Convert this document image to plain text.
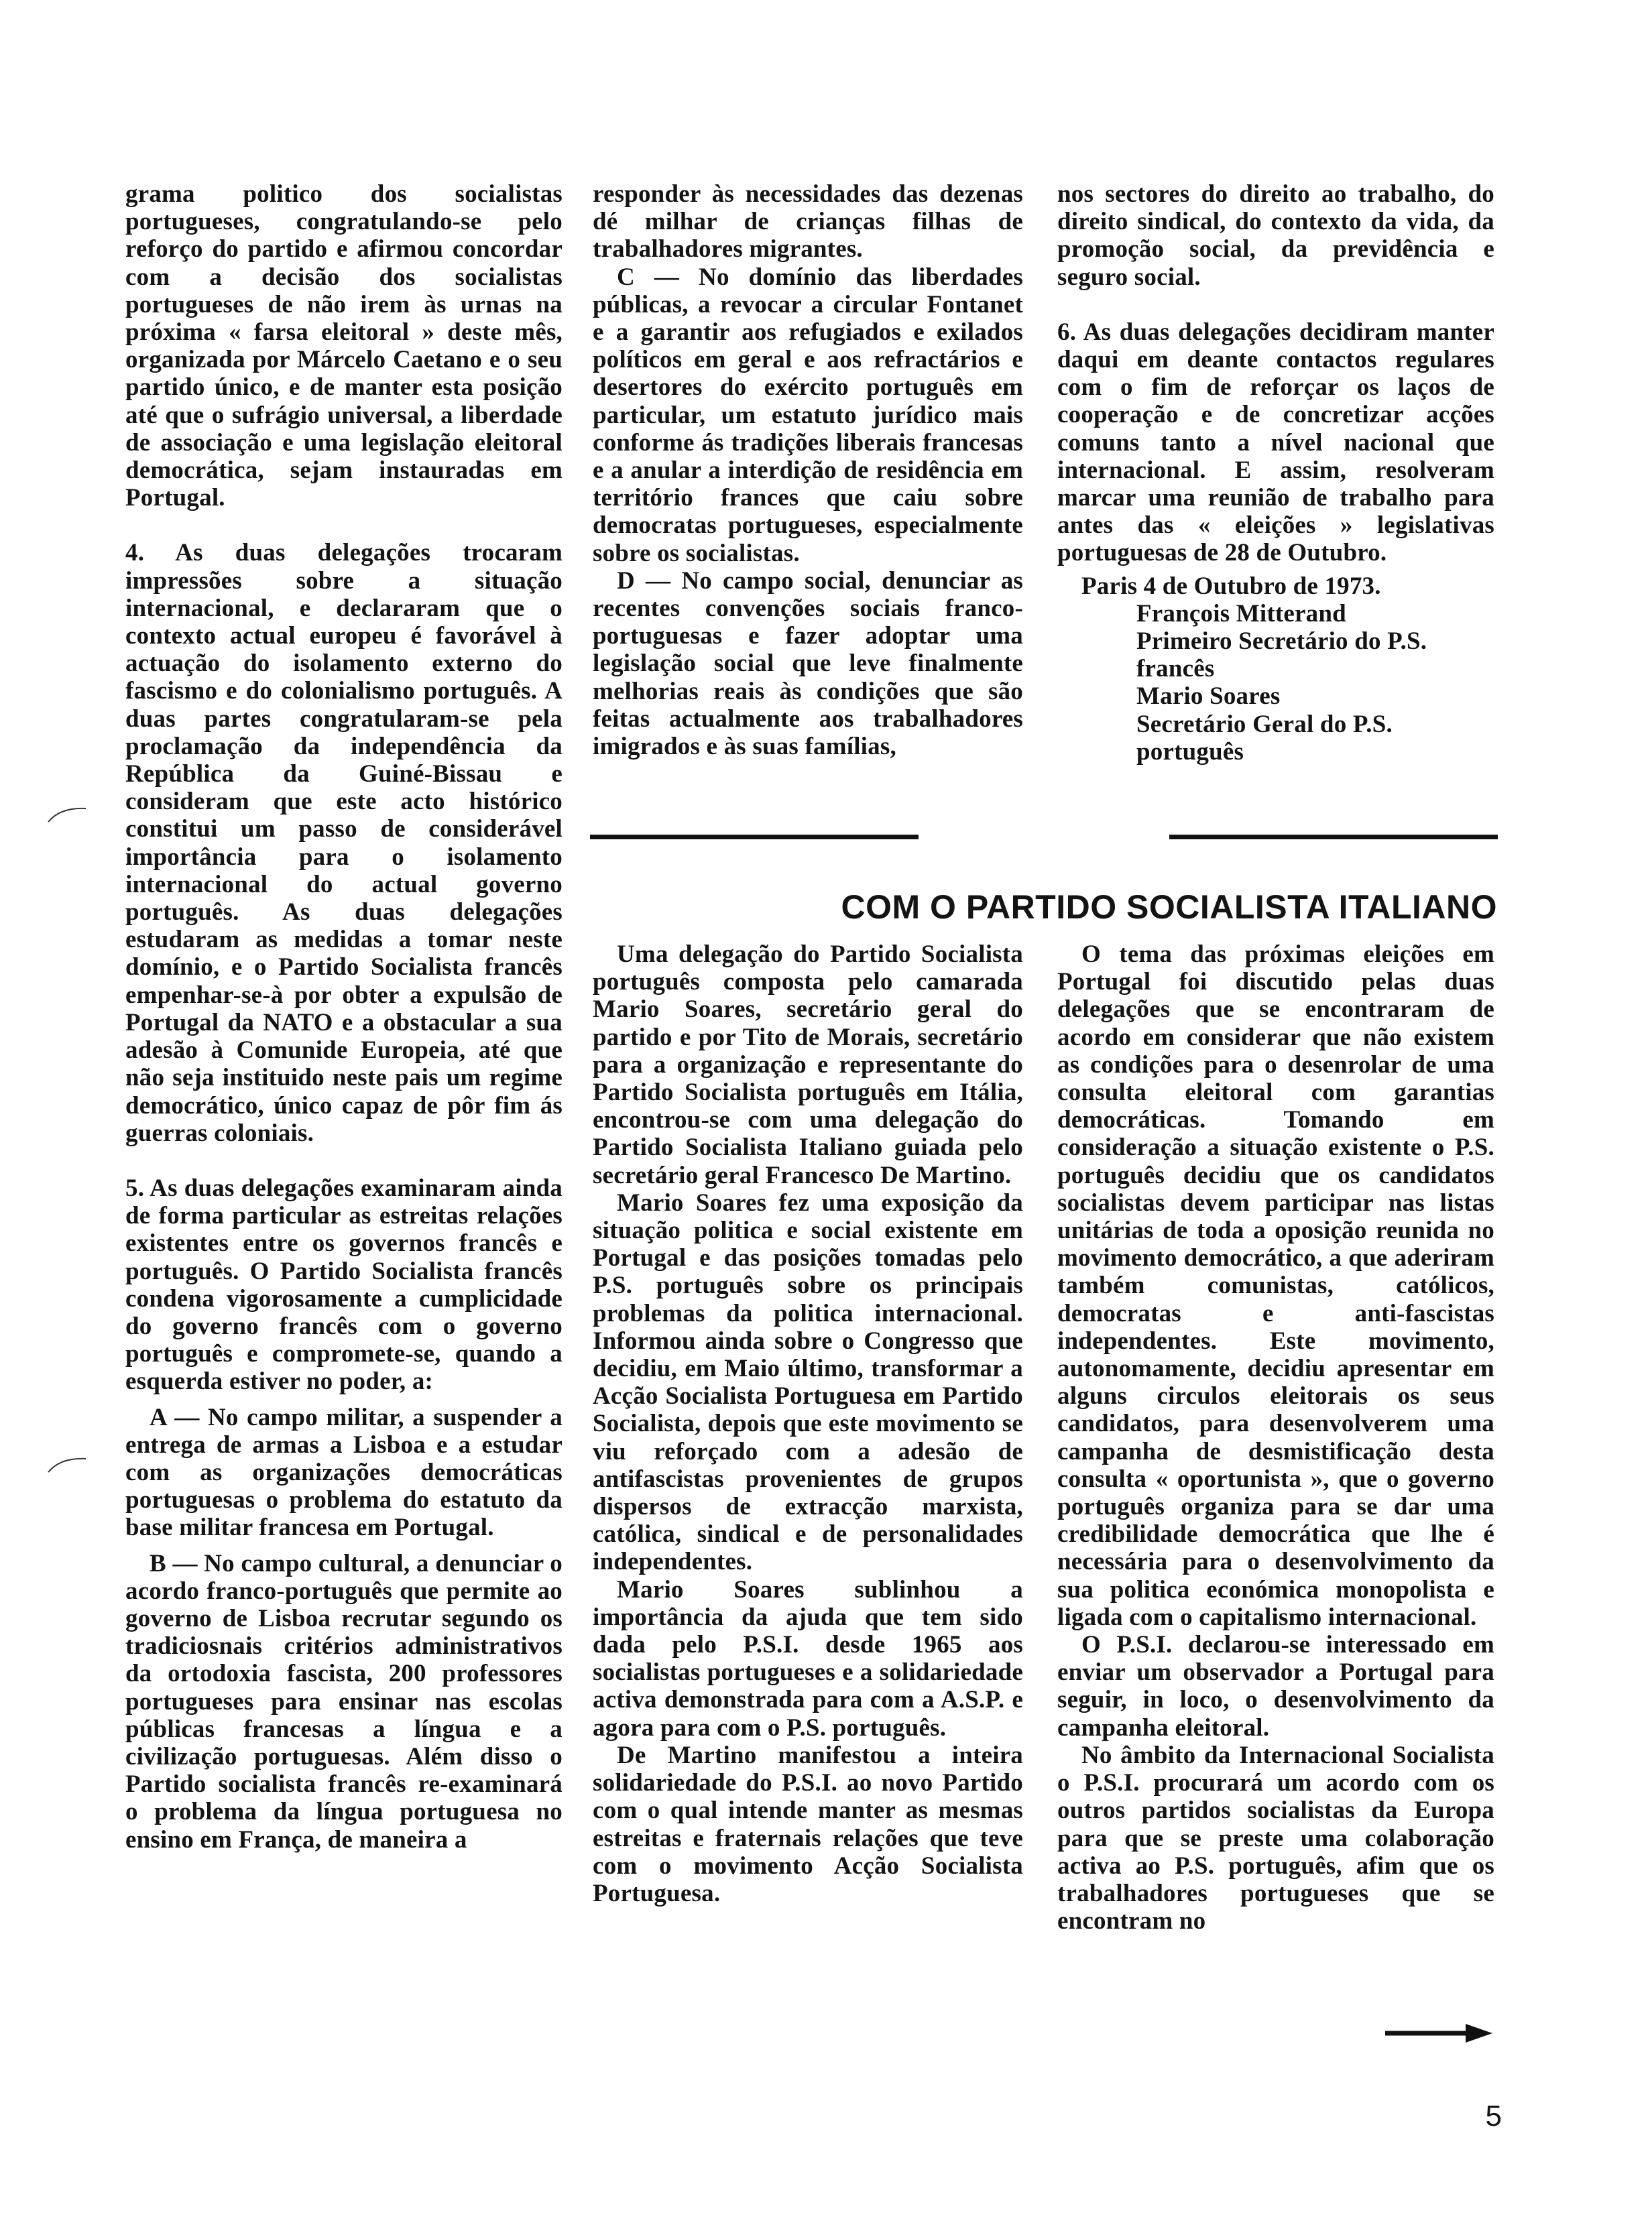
grama politico dos socialistas portugueses, congratulando-se pelo reforço do partido e afirmou concordar com a decisão dos socialistas portugueses de não irem às urnas na próxima « farsa eleitoral » deste mês, organizada por Márcelo Caetano e o seu partido único, e de manter esta posição até que o sufrágio universal, a liberdade de associação e uma legislação eleitoral democrática, sejam instauradas em Portugal.

4. As duas delegações trocaram impressões sobre a situação internacional, e declararam que o contexto actual europeu é favorável à actuação do isolamento externo do fascismo e do colonialismo português. A duas partes congratularam-se pela proclamação da independência da República da Guiné-Bissau e consideram que este acto histórico constitui um passo de considerável importância para o isolamento internacional do actual governo português. As duas delegações estudaram as medidas a tomar neste domínio, e o Partido Socialista francês empenhar-se-à por obter a expulsão de Portugal da NATO e a obstacular a sua adesão à Comunide Europeia, até que não seja instituido neste pais um regime democrático, único capaz de pôr fim ás guerras coloniais.

5. As duas delegações examinaram ainda de forma particular as estreitas relações existentes entre os governos francês e português. O Partido Socialista francês condena vigorosamente a cumplicidade do governo francês com o governo português e compromete-se, quando a esquerda estiver no poder, a:

A — No campo militar, a suspender a entrega de armas a Lisboa e a estudar com as organizações democráticas portuguesas o problema do estatuto da base militar francesa em Portugal.

B — No campo cultural, a denunciar o acordo franco-português que permite ao governo de Lisboa recrutar segundo os tradiciosnais critérios administrativos da ortodoxia fascista, 200 professores portugueses para ensinar nas escolas públicas francesas a língua e a civilização portuguesas. Além disso o Partido socialista francês re-examinará o problema da língua portuguesa no ensino em França, de maneira a

responder às necessidades das dezenas dé milhar de crianças filhas de trabalhadores migrantes.

C — No domínio das liberdades públicas, a revocar a circular Fontanet e a garantir aos refugiados e exilados políticos em geral e aos refractários e desertores do exército português em particular, um estatuto jurídico mais conforme ás tradições liberais francesas e a anular a interdição de residência em território frances que caiu sobre democratas portugueses, especialmente sobre os socialistas.

D — No campo social, denunciar as recentes convenções sociais franco-portuguesas e fazer adoptar uma legislação social que leve finalmente melhorias reais às condições que são feitas actualmente aos trabalhadores imigrados e às suas famílias,

nos sectores do direito ao trabalho, do direito sindical, do contexto da vida, da promoção social, da previdência e seguro social.

6. As duas delegações decidiram manter daqui em deante contactos regulares com o fim de reforçar os laços de cooperação e de concretizar acções comuns tanto a nível nacional que internacional. E assim, resolveram marcar uma reunião de trabalho para antes das « eleições » legislativas portuguesas de 28 de Outubro.

Paris 4 de Outubro de 1973.

François Mitterand

Primeiro Secretário do P.S. francês

Mario Soares

Secretário Geral do P.S. português

COM O PARTIDO SOCIALISTA ITALIANO

Uma delegação do Partido Socialista português composta pelo camarada Mario Soares, secretário geral do partido e por Tito de Morais, secretário para a organização e representante do Partido Socialista português em Itália, encontrou-se com uma delegação do Partido Socialista Italiano guiada pelo secretário geral Francesco De Martino.

Mario Soares fez uma exposição da situação politica e social existente em Portugal e das posições tomadas pelo P.S. português sobre os principais problemas da politica internacional. Informou ainda sobre o Congresso que decidiu, em Maio último, transformar a Acção Socialista Portuguesa em Partido Socialista, depois que este movimento se viu reforçado com a adesão de antifascistas provenientes de grupos dispersos de extracção marxista, católica, sindical e de personalidades independentes.

Mario Soares sublinhou a importância da ajuda que tem sido dada pelo P.S.I. desde 1965 aos socialistas portugueses e a solidariedade activa demonstrada para com a A.S.P. e agora para com o P.S. português.

De Martino manifestou a inteira solidariedade do P.S.I. ao novo Partido com o qual intende manter as mesmas estreitas e fraternais relações que teve com o movimento Acção Socialista Portuguesa.

O tema das próximas eleições em Portugal foi discutido pelas duas delegações que se encontraram de acordo em considerar que não existem as condições para o desenrolar de uma consulta eleitoral com garantias democráticas. Tomando em consideração a situação existente o P.S. português decidiu que os candidatos socialistas devem participar nas listas unitárias de toda a oposição reunida no movimento democrático, a que aderiram também comunistas, católicos, democratas e anti-fascistas independentes. Este movimento, autonomamente, decidiu apresentar em alguns circulos eleitorais os seus candidatos, para desenvolverem uma campanha de desmistificação desta consulta « oportunista », que o governo português organiza para se dar uma credibilidade democrática que lhe é necessária para o desenvolvimento da sua politica económica monopolista e ligada com o capitalismo internacional.

O P.S.I. declarou-se interessado em enviar um observador a Portugal para seguir, in loco, o desenvolvimento da campanha eleitoral.

No âmbito da Internacional Socialista o P.S.I. procurará um acordo com os outros partidos socialistas da Europa para que se preste uma colaboração activa ao P.S. português, afim que os trabalhadores portugueses que se encontram no

5
